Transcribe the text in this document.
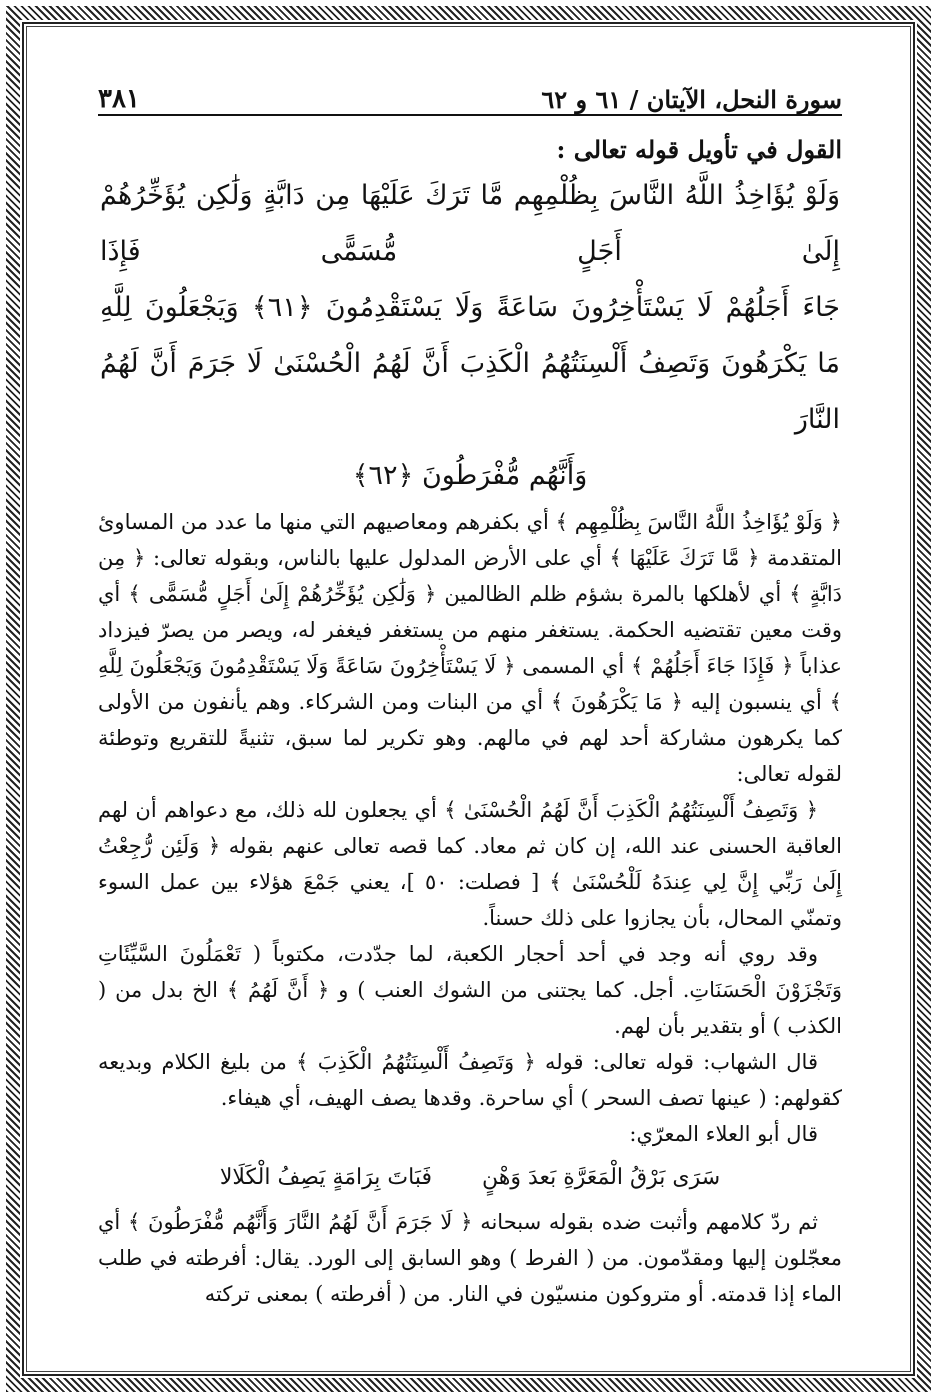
سورة النحل، الآيتان / ٦١ و ٦٢
٣٨١
القول في تأويل قوله تعالى :
وَلَوْ يُؤَاخِذُ اللَّهُ النَّاسَ بِظُلْمِهِم مَّا تَرَكَ عَلَيْهَا مِن دَابَّةٍ وَلَٰكِن يُؤَخِّرُهُمْ إِلَىٰ أَجَلٍ مُّسَمًّى فَإِذَا
جَاءَ أَجَلُهُمْ لَا يَسْتَأْخِرُونَ سَاعَةً وَلَا يَسْتَقْدِمُونَ ﴿٦١﴾ وَيَجْعَلُونَ لِلَّهِ
مَا يَكْرَهُونَ وَتَصِفُ أَلْسِنَتُهُمُ الْكَذِبَ أَنَّ لَهُمُ الْحُسْنَىٰ لَا جَرَمَ أَنَّ لَهُمُ النَّارَ
وَأَنَّهُم مُّفْرَطُونَ ﴿٦٢﴾

﴿ وَلَوْ يُؤَاخِذُ اللَّهُ النَّاسَ بِظُلْمِهِم ﴾ أي بكفرهم ومعاصيهم التي منها ما عدد من المساوئ المتقدمة ﴿ مَّا تَرَكَ عَلَيْهَا ﴾ أي على الأرض المدلول عليها بالناس، وبقوله تعالى: ﴿ مِن دَابَّةٍ ﴾ أي لأهلكها بالمرة بشؤم ظلم الظالمين ﴿ وَلَٰكِن يُؤَخِّرُهُمْ إِلَىٰ أَجَلٍ مُّسَمًّى ﴾ أي وقت معين تقتضيه الحكمة. يستغفر منهم من يستغفر فيغفر له، ويصر من يصرّ فيزداد عذاباً ﴿ فَإِذَا جَاءَ أَجَلُهُمْ ﴾ أي المسمى ﴿ لَا يَسْتَأْخِرُونَ سَاعَةً وَلَا يَسْتَقْدِمُونَ وَيَجْعَلُونَ لِلَّهِ ﴾ أي ينسبون إليه ﴿ مَا يَكْرَهُونَ ﴾ أي من البنات ومن الشركاء. وهم يأنفون من الأولى كما يكرهون مشاركة أحد لهم في مالهم. وهو تكرير لما سبق، تثنيةً للتقريع وتوطئة لقوله تعالى:

﴿ وَتَصِفُ أَلْسِنَتُهُمُ الْكَذِبَ أَنَّ لَهُمُ الْحُسْنَىٰ ﴾ أي يجعلون لله ذلك، مع دعواهم أن لهم العاقبة الحسنى عند الله، إن كان ثم معاد. كما قصه تعالى عنهم بقوله ﴿ وَلَئِن رُّجِعْتُ إِلَىٰ رَبِّي إِنَّ لِي عِندَهُ لَلْحُسْنَىٰ ﴾ [ فصلت: ٥٠ ]، يعني جَمْعَ هؤلاء بين عمل السوء وتمنّي المحال، بأن يجازوا على ذلك حسناً.

وقد روي أنه وجد في أحد أحجار الكعبة، لما جدّدت، مكتوباً ( تَعْمَلُونَ السَّيِّئَاتِ وَتَجْزَوْنَ الْحَسَنَاتِ. أجل. كما يجتنى من الشوك العنب ) و ﴿ أَنَّ لَهُمُ ﴾ الخ بدل من ( الكذب ) أو بتقدير بأن لهم.

قال الشهاب: قوله تعالى: قوله ﴿ وَتَصِفُ أَلْسِنَتُهُمُ الْكَذِبَ ﴾ من بليغ الكلام وبديعه كقولهم: ( عينها تصف السحر ) أي ساحرة. وقدها يصف الهيف، أي هيفاء.

قال أبو العلاء المعرّي:

سَرَى بَرْقُ الْمَعَرَّةِ بَعدَ وَهْنٍ
فَبَاتَ بِرَامَةٍ يَصِفُ الْكَلَالا

ثم ردّ كلامهم وأثبت ضده بقوله سبحانه ﴿ لَا جَرَمَ أَنَّ لَهُمُ النَّارَ وَأَنَّهُم مُّفْرَطُونَ ﴾ أي معجّلون إليها ومقدّمون. من ( الفرط ) وهو السابق إلى الورد. يقال: أفرطته في طلب الماء إذا قدمته. أو متروكون منسيّون في النار. من ( أفرطته ) بمعنى تركته
